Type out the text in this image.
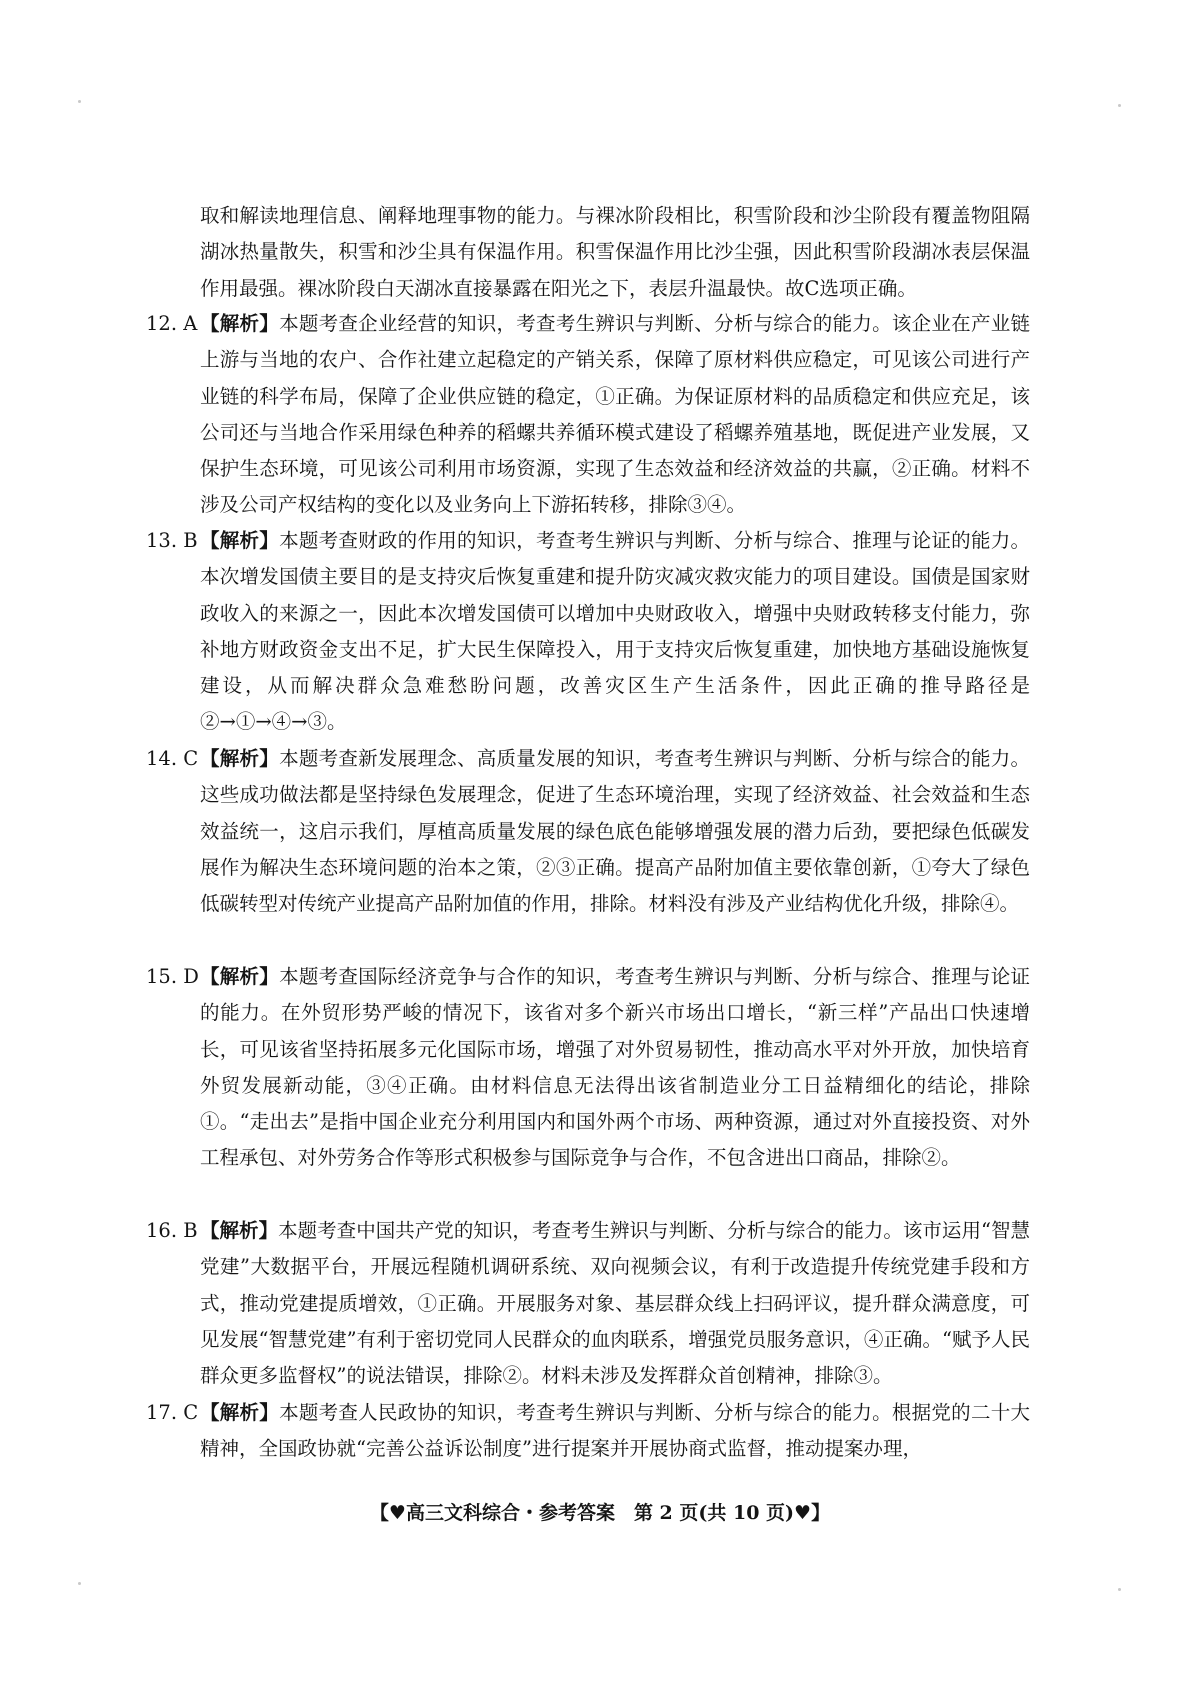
取和解读地理信息、阐释地理事物的能力。与裸冰阶段相比，积雪阶段和沙尘阶段有覆盖物阻隔湖冰热量散失，积雪和沙尘具有保温作用。积雪保温作用比沙尘强，因此积雪阶段湖冰表层保温作用最强。裸冰阶段白天湖冰直接暴露在阳光之下，表层升温最快。故C选项正确。
12. A 【解析】本题考查企业经营的知识，考查考生辨识与判断、分析与综合的能力。该企业在产业链上游与当地的农户、合作社建立起稳定的产销关系，保障了原材料供应稳定，可见该公司进行产业链的科学布局，保障了企业供应链的稳定，①正确。为保证原材料的品质稳定和供应充足，该公司还与当地合作采用绿色种养的稻螺共养循环模式建设了稻螺养殖基地，既促进产业发展，又保护生态环境，可见该公司利用市场资源，实现了生态效益和经济效益的共赢，②正确。材料不涉及公司产权结构的变化以及业务向上下游拓转移，排除③④。
13. B 【解析】本题考查财政的作用的知识，考查考生辨识与判断、分析与综合、推理与论证的能力。本次增发国债主要目的是支持灾后恢复重建和提升防灾减灾救灾能力的项目建设。国债是国家财政收入的来源之一，因此本次增发国债可以增加中央财政收入，增强中央财政转移支付能力，弥补地方财政资金支出不足，扩大民生保障投入，用于支持灾后恢复重建，加快地方基础设施恢复建设，从而解决群众急难愁盼问题，改善灾区生产生活条件，因此正确的推导路径是②→①→④→③。
14. C 【解析】本题考查新发展理念、高质量发展的知识，考查考生辨识与判断、分析与综合的能力。这些成功做法都是坚持绿色发展理念，促进了生态环境治理，实现了经济效益、社会效益和生态效益统一，这启示我们，厚植高质量发展的绿色底色能够增强发展的潜力后劲，要把绿色低碳发展作为解决生态环境问题的治本之策，②③正确。提高产品附加值主要依靠创新，①夸大了绿色低碳转型对传统产业提高产品附加值的作用，排除。材料没有涉及产业结构优化升级，排除④。
15. D 【解析】本题考查国际经济竞争与合作的知识，考查考生辨识与判断、分析与综合、推理与论证的能力。在外贸形势严峻的情况下，该省对多个新兴市场出口增长，“新三样”产品出口快速增长，可见该省坚持拓展多元化国际市场，增强了对外贸易韧性，推动高水平对外开放，加快培育外贸发展新动能，③④正确。由材料信息无法得出该省制造业分工日益精细化的结论，排除①。“走出去”是指中国企业充分利用国内和国外两个市场、两种资源，通过对外直接投资、对外工程承包、对外劳务合作等形式积极参与国际竞争与合作，不包含进出口商品，排除②。
16. B 【解析】本题考查中国共产党的知识，考查考生辨识与判断、分析与综合的能力。该市运用“智慧党建”大数据平台，开展远程随机调研系统、双向视频会议，有利于改造提升传统党建手段和方式，推动党建提质增效，①正确。开展服务对象、基层群众线上扫码评议，提升群众满意度，可见发展“智慧党建”有利于密切党同人民群众的血肉联系，增强党员服务意识，④正确。“赋予人民群众更多监督权”的说法错误，排除②。材料未涉及发挥群众首创精神，排除③。
17. C 【解析】本题考查人民政协的知识，考查考生辨识与判断、分析与综合的能力。根据党的二十大精神，全国政协就“完善公益诉讼制度”进行提案并开展协商式监督，推动提案办理，
【♥高三文科综合・参考答案　第 2 页(共 10 页)♥】
